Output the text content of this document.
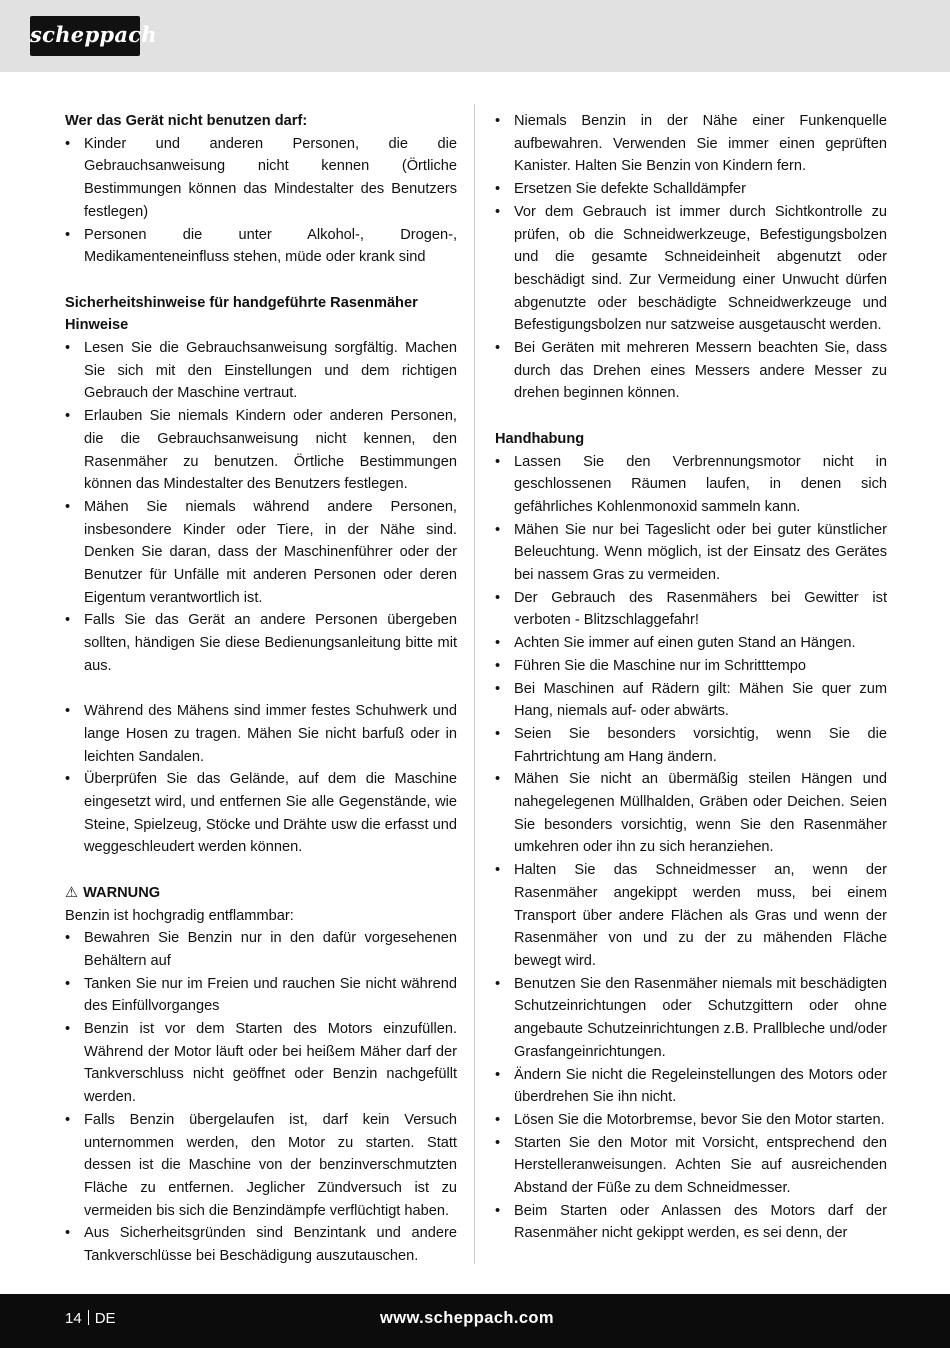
scheppach
Wer das Gerät nicht benutzen darf:
• Kinder und anderen Personen, die die Gebrauchsanweisung nicht kennen (Örtliche Bestimmungen können das Mindestalter des Benutzers festlegen)
• Personen die unter Alkohol-, Drogen-, Medikamenteneinfluss stehen, müde oder krank sind
Sicherheitshinweise für handgeführte Rasenmäher
Hinweise
• Lesen Sie die Gebrauchsanweisung sorgfältig. Machen Sie sich mit den Einstellungen und dem richtigen Gebrauch der Maschine vertraut.
• Erlauben Sie niemals Kindern oder anderen Personen, die die Gebrauchsanweisung nicht kennen, den Rasenmäher zu benutzen. Örtliche Bestimmungen können das Mindestalter des Benutzers festlegen.
• Mähen Sie niemals während andere Personen, insbesondere Kinder oder Tiere, in der Nähe sind. Denken Sie daran, dass der Maschinenführer oder der Benutzer für Unfälle mit anderen Personen oder deren Eigentum verantwortlich ist.
• Falls Sie das Gerät an andere Personen übergeben sollten, händigen Sie diese Bedienungsanleitung bitte mit aus.
• Während des Mähens sind immer festes Schuhwerk und lange Hosen zu tragen. Mähen Sie nicht barfuß oder in leichten Sandalen.
• Überprüfen Sie das Gelände, auf dem die Maschine eingesetzt wird, und entfernen Sie alle Gegenstände, wie Steine, Spielzeug, Stöcke und Drähte usw die erfasst und weggeschleudert werden können.
⚠ WARNUNG

Benzin ist hochgradig entflammbar:

• Bewahren Sie Benzin nur in den dafür vorgesehenen Behältern auf
• Tanken Sie nur im Freien und rauchen Sie nicht während des Einfüllvorganges
• Benzin ist vor dem Starten des Motors einzufüllen. Während der Motor läuft oder bei heißem Mäher darf der Tankverschluss nicht geöffnet oder Benzin nachgefüllt werden.
• Falls Benzin übergelaufen ist, darf kein Versuch unternommen werden, den Motor zu starten. Statt dessen ist die Maschine von der benzinverschmutzten Fläche zu entfernen. Jeglicher Zündversuch ist zu vermeiden bis sich die Benzindämpfe verflüchtigt haben.
• Aus Sicherheitsgründen sind Benzintank und andere Tankverschlüsse bei Beschädigung auszutauschen.
• Niemals Benzin in der Nähe einer Funkenquelle aufbewahren. Verwenden Sie immer einen geprüften Kanister. Halten Sie Benzin von Kindern fern.
• Ersetzen Sie defekte Schalldämpfer
• Vor dem Gebrauch ist immer durch Sichtkontrolle zu prüfen, ob die Schneidwerkzeuge, Befestigungsbolzen und die gesamte Schneideinheit abgenutzt oder beschädigt sind. Zur Vermeidung einer Unwucht dürfen abgenutzte oder beschädigte Schneidwerkzeuge und Befestigungsbolzen nur satzweise ausgetauscht werden.
• Bei Geräten mit mehreren Messern beachten Sie, dass durch das Drehen eines Messers andere Messer zu drehen beginnen können.
Handhabung
• Lassen Sie den Verbrennungsmotor nicht in geschlossenen Räumen laufen, in denen sich gefährliches Kohlenmonoxid sammeln kann.
• Mähen Sie nur bei Tageslicht oder bei guter künstlicher Beleuchtung. Wenn möglich, ist der Einsatz des Gerätes bei nassem Gras zu vermeiden.
• Der Gebrauch des Rasenmähers bei Gewitter ist verboten - Blitzschlaggefahr!
• Achten Sie immer auf einen guten Stand an Hängen.
• Führen Sie die Maschine nur im Schritttempo
• Bei Maschinen auf Rädern gilt: Mähen Sie quer zum Hang, niemals auf- oder abwärts.
• Seien Sie besonders vorsichtig, wenn Sie die Fahrtrichtung am Hang ändern.
• Mähen Sie nicht an übermäßig steilen Hängen und nahegelegenen Müllhalden, Gräben oder Deichen. Seien Sie besonders vorsichtig, wenn Sie den Rasenmäher umkehren oder ihn zu sich heranziehen.
• Halten Sie das Schneidmesser an, wenn der Rasenmäher angekippt werden muss, bei einem Transport über andere Flächen als Gras und wenn der Rasenmäher von und zu der zu mähenden Fläche bewegt wird.
• Benutzen Sie den Rasenmäher niemals mit beschädigten Schutzeinrichtungen oder Schutzgittern oder ohne angebaute Schutzeinrichtungen z.B. Prallbleche und/oder Grasfangeinrichtungen.
• Ändern Sie nicht die Regeleinstellungen des Motors oder überdrehen Sie ihn nicht.
• Lösen Sie die Motorbremse, bevor Sie den Motor starten.
• Starten Sie den Motor mit Vorsicht, entsprechend den Herstelleranweisungen. Achten Sie auf ausreichenden Abstand der Füße zu dem Schneidmesser.
• Beim Starten oder Anlassen des Motors darf der Rasenmäher nicht gekippt werden, es sei denn, der
14 DE	www.scheppach.com
